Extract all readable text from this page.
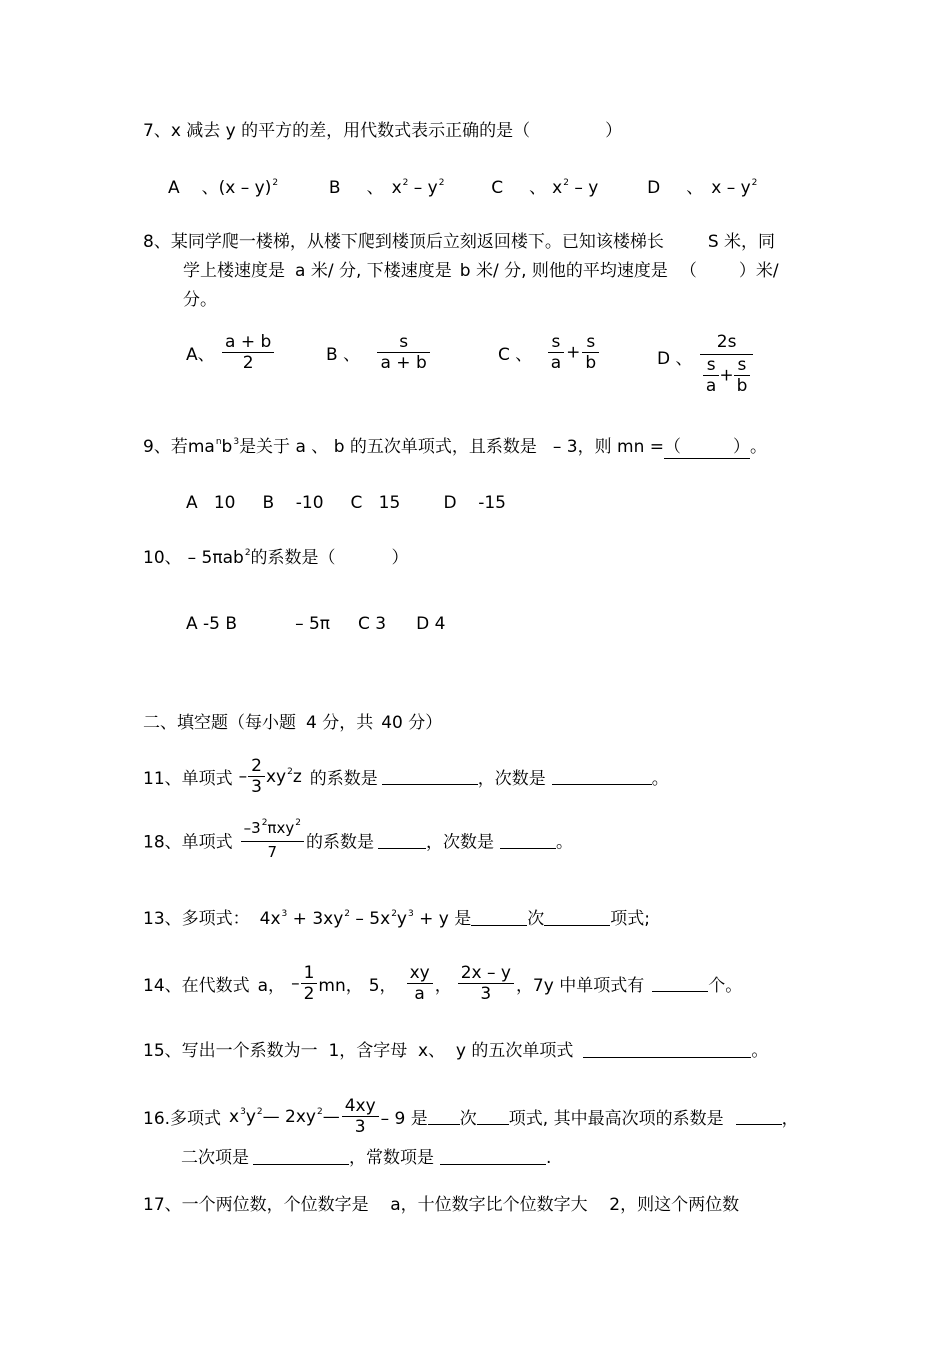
7、x 减去 y 的平方的差，用代数式表示正确的是（	）
A 、(x – y)$^2$	B 、 $x^2 - y^2$	C 、 $x^2$ – y	D 、 x – $y^2$
8、某同学爬一楼梯，从楼下爬到楼顶后立刻返回楼下。已知该楼梯长	S 米，同
学上楼速度是 a 米/ 分, 下楼速度是 b 米/ 分, 则他的平均速度是 （ ）米/
分。
A、 $\frac{a + b}{2}$	B 、 $\frac{s}{a + b}$	C 、 $\frac{s}{a} + \frac{s}{b}$	D 、 $\frac{2s}{\frac{s}{a} + \frac{s}{b}}$
9、若$ma^nb^3$是关于 a 、 b 的五次单项式，且系数是 – 3，则 mn =（	）。
A   10     B    -10     C   15        D    -15
10、 – 5πab$^2$的系数是（	）
A -5 B	– 5π C 3 D 4
二、填空题（每小题 4 分，共 40 分）
11、单项式 – $\frac{2}{3} xy^2z$ 的系数是	，次数是	。
18、单项式 $\frac{-3^2\pi xy^2}{7}$ 的系数是	，次数是	。
13、多项式： $4x^3 + 3xy^2 - 5x^2y^3 + y$ 是	次	项式;
14、在代数式 a， – $\frac{1}{2}$ mn， 5， $\frac{xy}{a}$ ， $\frac{2x - y}{3}$ ，7y 中单项式有	个。
15、写出一个系数为一  1，含字母  x、  y 的五次单项式	。
16.多项式 $x^3y^2—$ $2xy^2— \frac{4xy}{3} - 9$ 是 次 项式, 其中最高次项的系数是	，
二次项是	，常数项是	.
17、一个两位数，个位数字是    a，十位数字比个位数字大    2，则这个两位数
